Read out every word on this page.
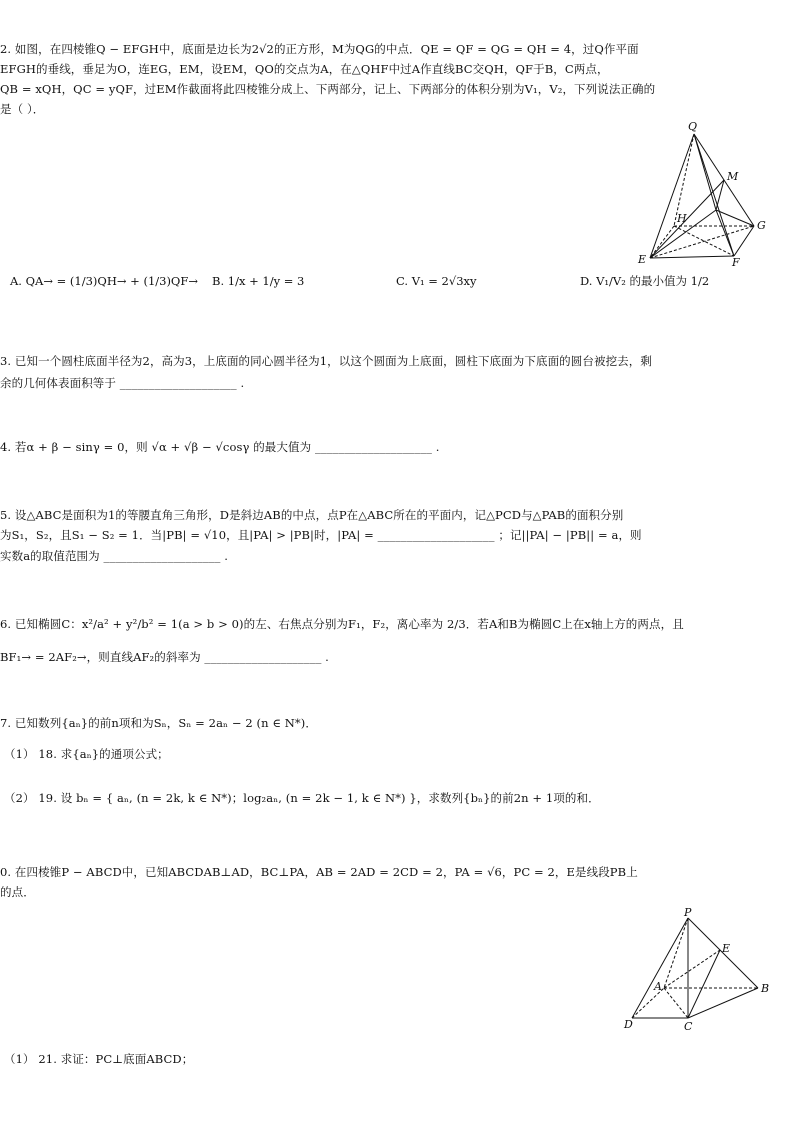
2. 如图，在四棱锥Q − EFGH中，底面是边长为2√2的正方形，M为QG的中点．QE = QF = QG = QH = 4，过Q作平面
EFGH的垂线，垂足为O，连EG，EM，设EM，QO的交点为A，在△QHF中过A作直线BC交QH，QF于B，C两点，
QB = xQH，QC = yQF，过EM作截面将此四棱锥分成上、下两部分，记上、下两部分的体积分别为V₁，V₂，下列说法正确的
是（ ）．
Q
M
H
E	F
G
A. QA→ = (1/3)QH→ + (1/3)QF→ B. 1/x + 1/y = 3	C. V₁ = 2√3xy	D. V₁/V₂ 的最小值为 1/2
3. 已知一个圆柱底面半径为2，高为3，上底面的同心圆半径为1，以这个圆面为上底面，圆柱下底面为下底面的圆台被挖去，剩
余的几何体表面积等于 ____________________ .
4. 若α + β − sinγ = 0，则 √α + √β − √cosγ 的最大值为 ____________________ .
5. 设△ABC是面积为1的等腰直角三角形，D是斜边AB的中点，点P在△ABC所在的平面内，记△PCD与△PAB的面积分别
为S₁，S₂，且S₁ − S₂ = 1．当|PB| = √10，且|PA| > |PB|时，|PA| = ____________________ ；记||PA| − |PB|| = a，则
实数a的取值范围为 ____________________ .
6. 已知椭圆C：x²/a² + y²/b² = 1(a > b > 0)的左、右焦点分别为F₁，F₂，离心率为 2/3．若A和B为椭圆C上在x轴上方的两点，且
BF₁→ = 2AF₂→，则直线AF₂的斜率为 ____________________ .
7. 已知数列{aₙ}的前n项和为Sₙ，Sₙ = 2aₙ − 2 (n ∈ N*)．
（1） 18. 求{aₙ}的通项公式；
（2） 19. 设 bₙ = { aₙ, (n = 2k, k ∈ N*)；log₂aₙ, (n = 2k − 1, k ∈ N*) }，求数列{bₙ}的前2n + 1项的和．
0. 在四棱锥P − ABCD中，已知ABCDAB⊥AD，BC⊥PA，AB = 2AD = 2CD = 2，PA = √6，PC = 2，E是线段PB上
的点．
P
E
A
D	C
B
（1） 21. 求证：PC⊥底面ABCD；
